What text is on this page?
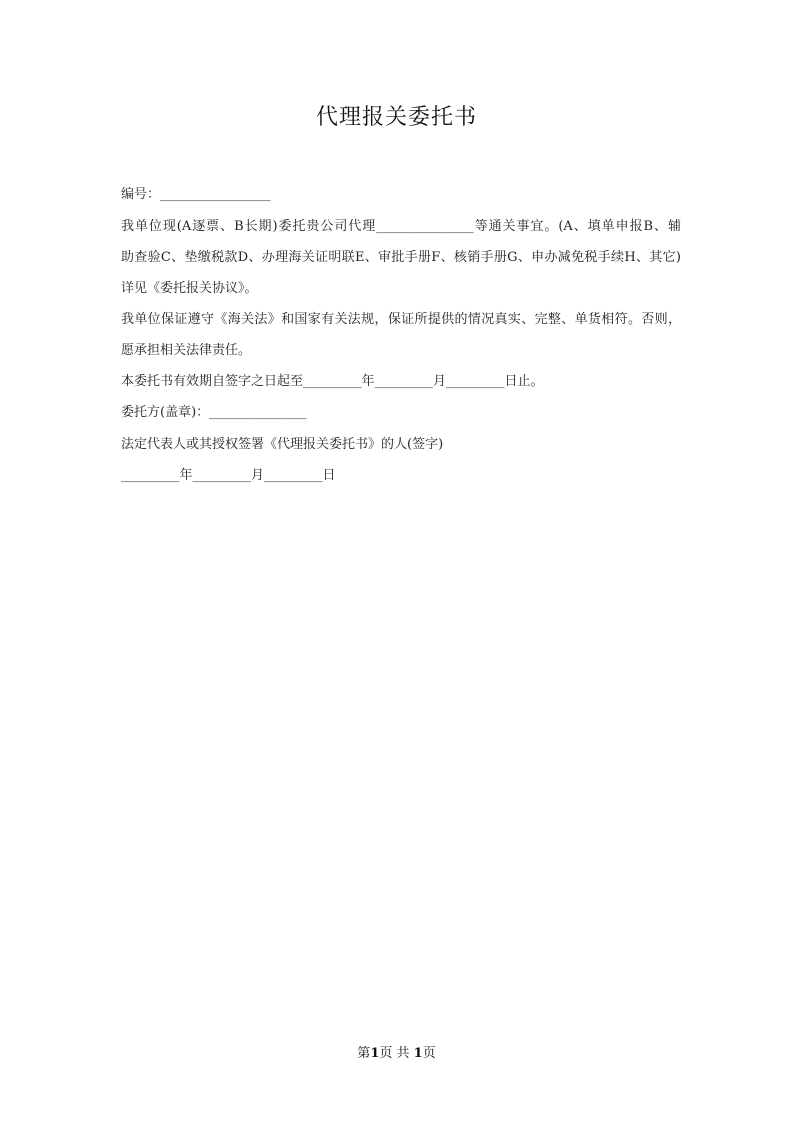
代理报关委托书
编号：_________________
我单位现(A逐票、B长期)委托贵公司代理_______________等通关事宜。(A、填单申报B、辅
助查验C、垫缴税款D、办理海关证明联E、审批手册F、核销手册G、申办减免税手续H、其它)
详见《委托报关协议》。
我单位保证遵守《海关法》和国家有关法规，保证所提供的情况真实、完整、单货相符。否则，
愿承担相关法律责任。
本委托书有效期自签字之日起至_________年_________月_________日止。
委托方(盖章)：_______________
法定代表人或其授权签署《代理报关委托书》的人(签字)
_________年_________月_________日
第1页 共 1页
